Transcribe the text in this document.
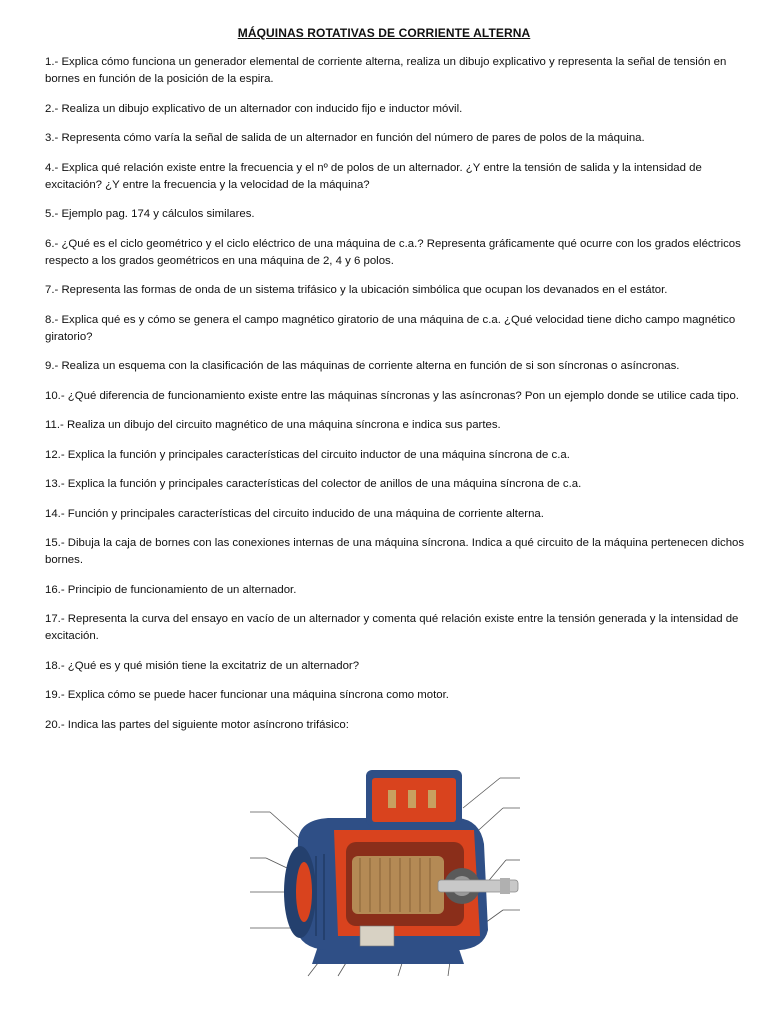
MÁQUINAS ROTATIVAS DE CORRIENTE ALTERNA
1.- Explica cómo funciona un generador elemental de corriente alterna, realiza un dibujo explicativo y representa la señal de tensión en bornes en función de la posición de la espira.
2.- Realiza un dibujo explicativo de un alternador con inducido fijo e inductor móvil.
3.- Representa cómo varía la señal de salida de un alternador en función del número de pares de polos de la máquina.
4.- Explica qué relación existe entre la frecuencia y el nº de polos de un alternador. ¿Y entre la tensión de salida y la intensidad de excitación? ¿Y entre la frecuencia y la velocidad de la máquina?
5.- Ejemplo pag. 174 y cálculos similares.
6.- ¿Qué es el ciclo geométrico y el ciclo eléctrico de una máquina de c.a.? Representa gráficamente qué ocurre con los grados eléctricos respecto a los grados geométricos en una máquina de 2, 4 y 6 polos.
7.- Representa las formas de onda de un sistema trifásico y la ubicación simbólica que ocupan los devanados en el estátor.
8.- Explica qué es y cómo se genera el campo magnético giratorio de una máquina de c.a. ¿Qué velocidad tiene dicho campo magnético giratorio?
9.- Realiza un esquema con la clasificación de las máquinas de corriente alterna en función de si son síncronas o asíncronas.
10.- ¿Qué diferencia de funcionamiento existe entre las máquinas síncronas y las asíncronas? Pon un ejemplo donde se utilice cada tipo.
11.- Realiza un dibujo del circuito magnético de una máquina síncrona e indica sus partes.
12.- Explica la función y principales características del circuito inductor de una máquina síncrona de c.a.
13.- Explica la función y principales características del colector de anillos de una máquina síncrona de c.a.
14.- Función y principales características del circuito inducido de una máquina de corriente alterna.
15.- Dibuja la caja de bornes con las conexiones internas de una máquina síncrona. Indica a qué circuito de la máquina pertenecen dichos bornes.
16.- Principio de funcionamiento de un alternador.
17.- Representa la curva del ensayo en vacío de un alternador y comenta qué relación existe entre la tensión generada y la intensidad de excitación.
18.- ¿Qué es y qué misión tiene la excitatriz de un alternador?
19.- Explica cómo se puede hacer funcionar una máquina síncrona como motor.
20.- Indica las partes del siguiente motor asíncrono trifásico:
